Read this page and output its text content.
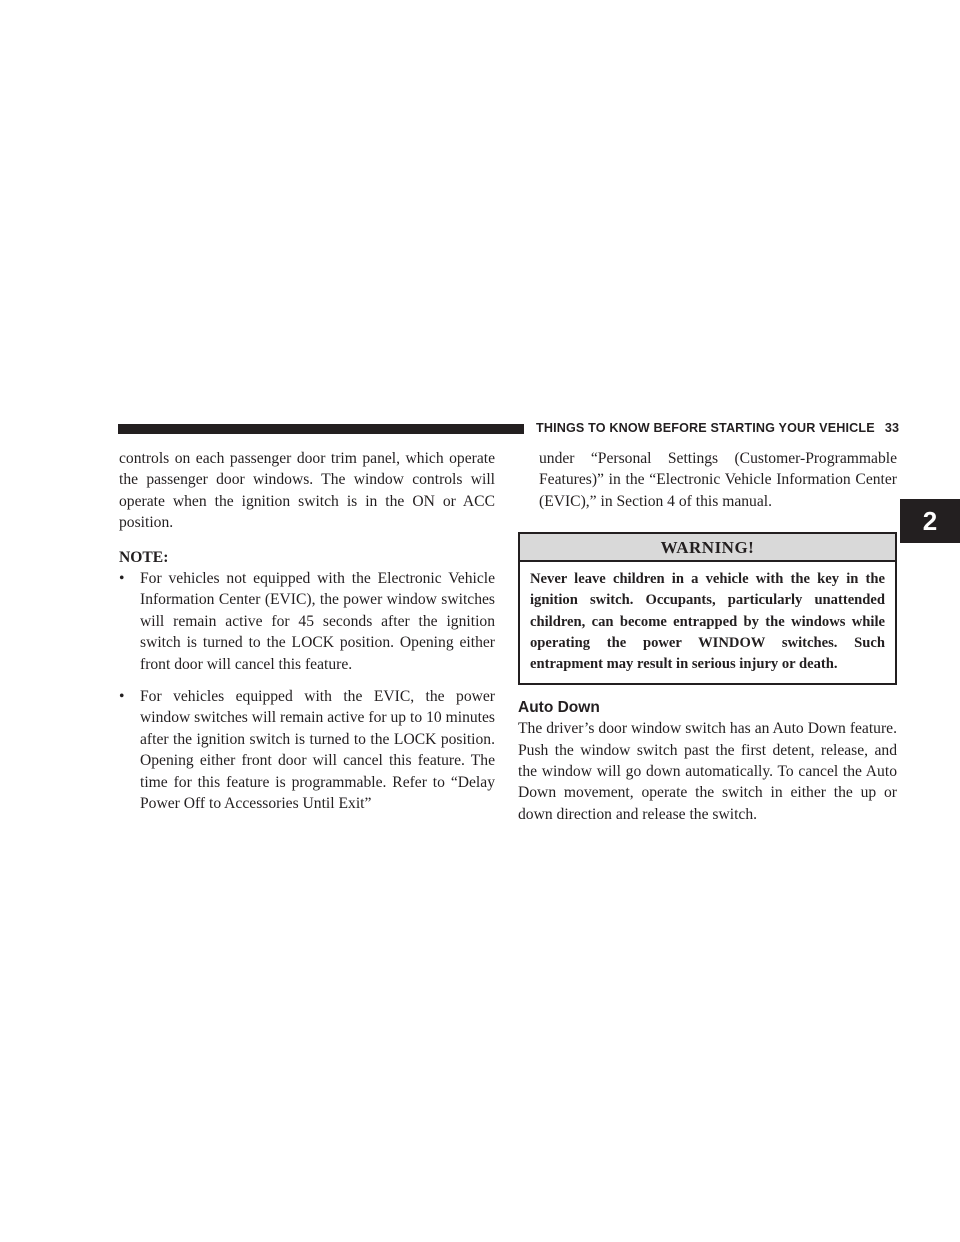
THINGS TO KNOW BEFORE STARTING YOUR VEHICLE 33
2

controls on each passenger door trim panel, which operate the passenger door windows. The window controls will operate when the ignition switch is in the ON or ACC position.

NOTE:

• For vehicles not equipped with the Electronic Vehicle Information Center (EVIC), the power window switches will remain active for 45 seconds after the ignition switch is turned to the LOCK position. Opening either front door will cancel this feature.
• For vehicles equipped with the EVIC, the power window switches will remain active for up to 10 minutes after the ignition switch is turned to the LOCK position. Opening either front door will cancel this feature. The time for this feature is programmable. Refer to “Delay Power Off to Accessories Until Exit”

under “Personal Settings (Customer-Programmable Features)” in the “Electronic Vehicle Information Center (EVIC),” in Section 4 of this manual.

WARNING!
Never leave children in a vehicle with the key in the ignition switch. Occupants, particularly unattended children, can become entrapped by the windows while operating the power WINDOW switches. Such entrapment may result in serious injury or death.
Auto Down

The driver’s door window switch has an Auto Down feature. Push the window switch past the first detent, release, and the window will go down automatically. To cancel the Auto Down movement, operate the switch in either the up or down direction and release the switch.
